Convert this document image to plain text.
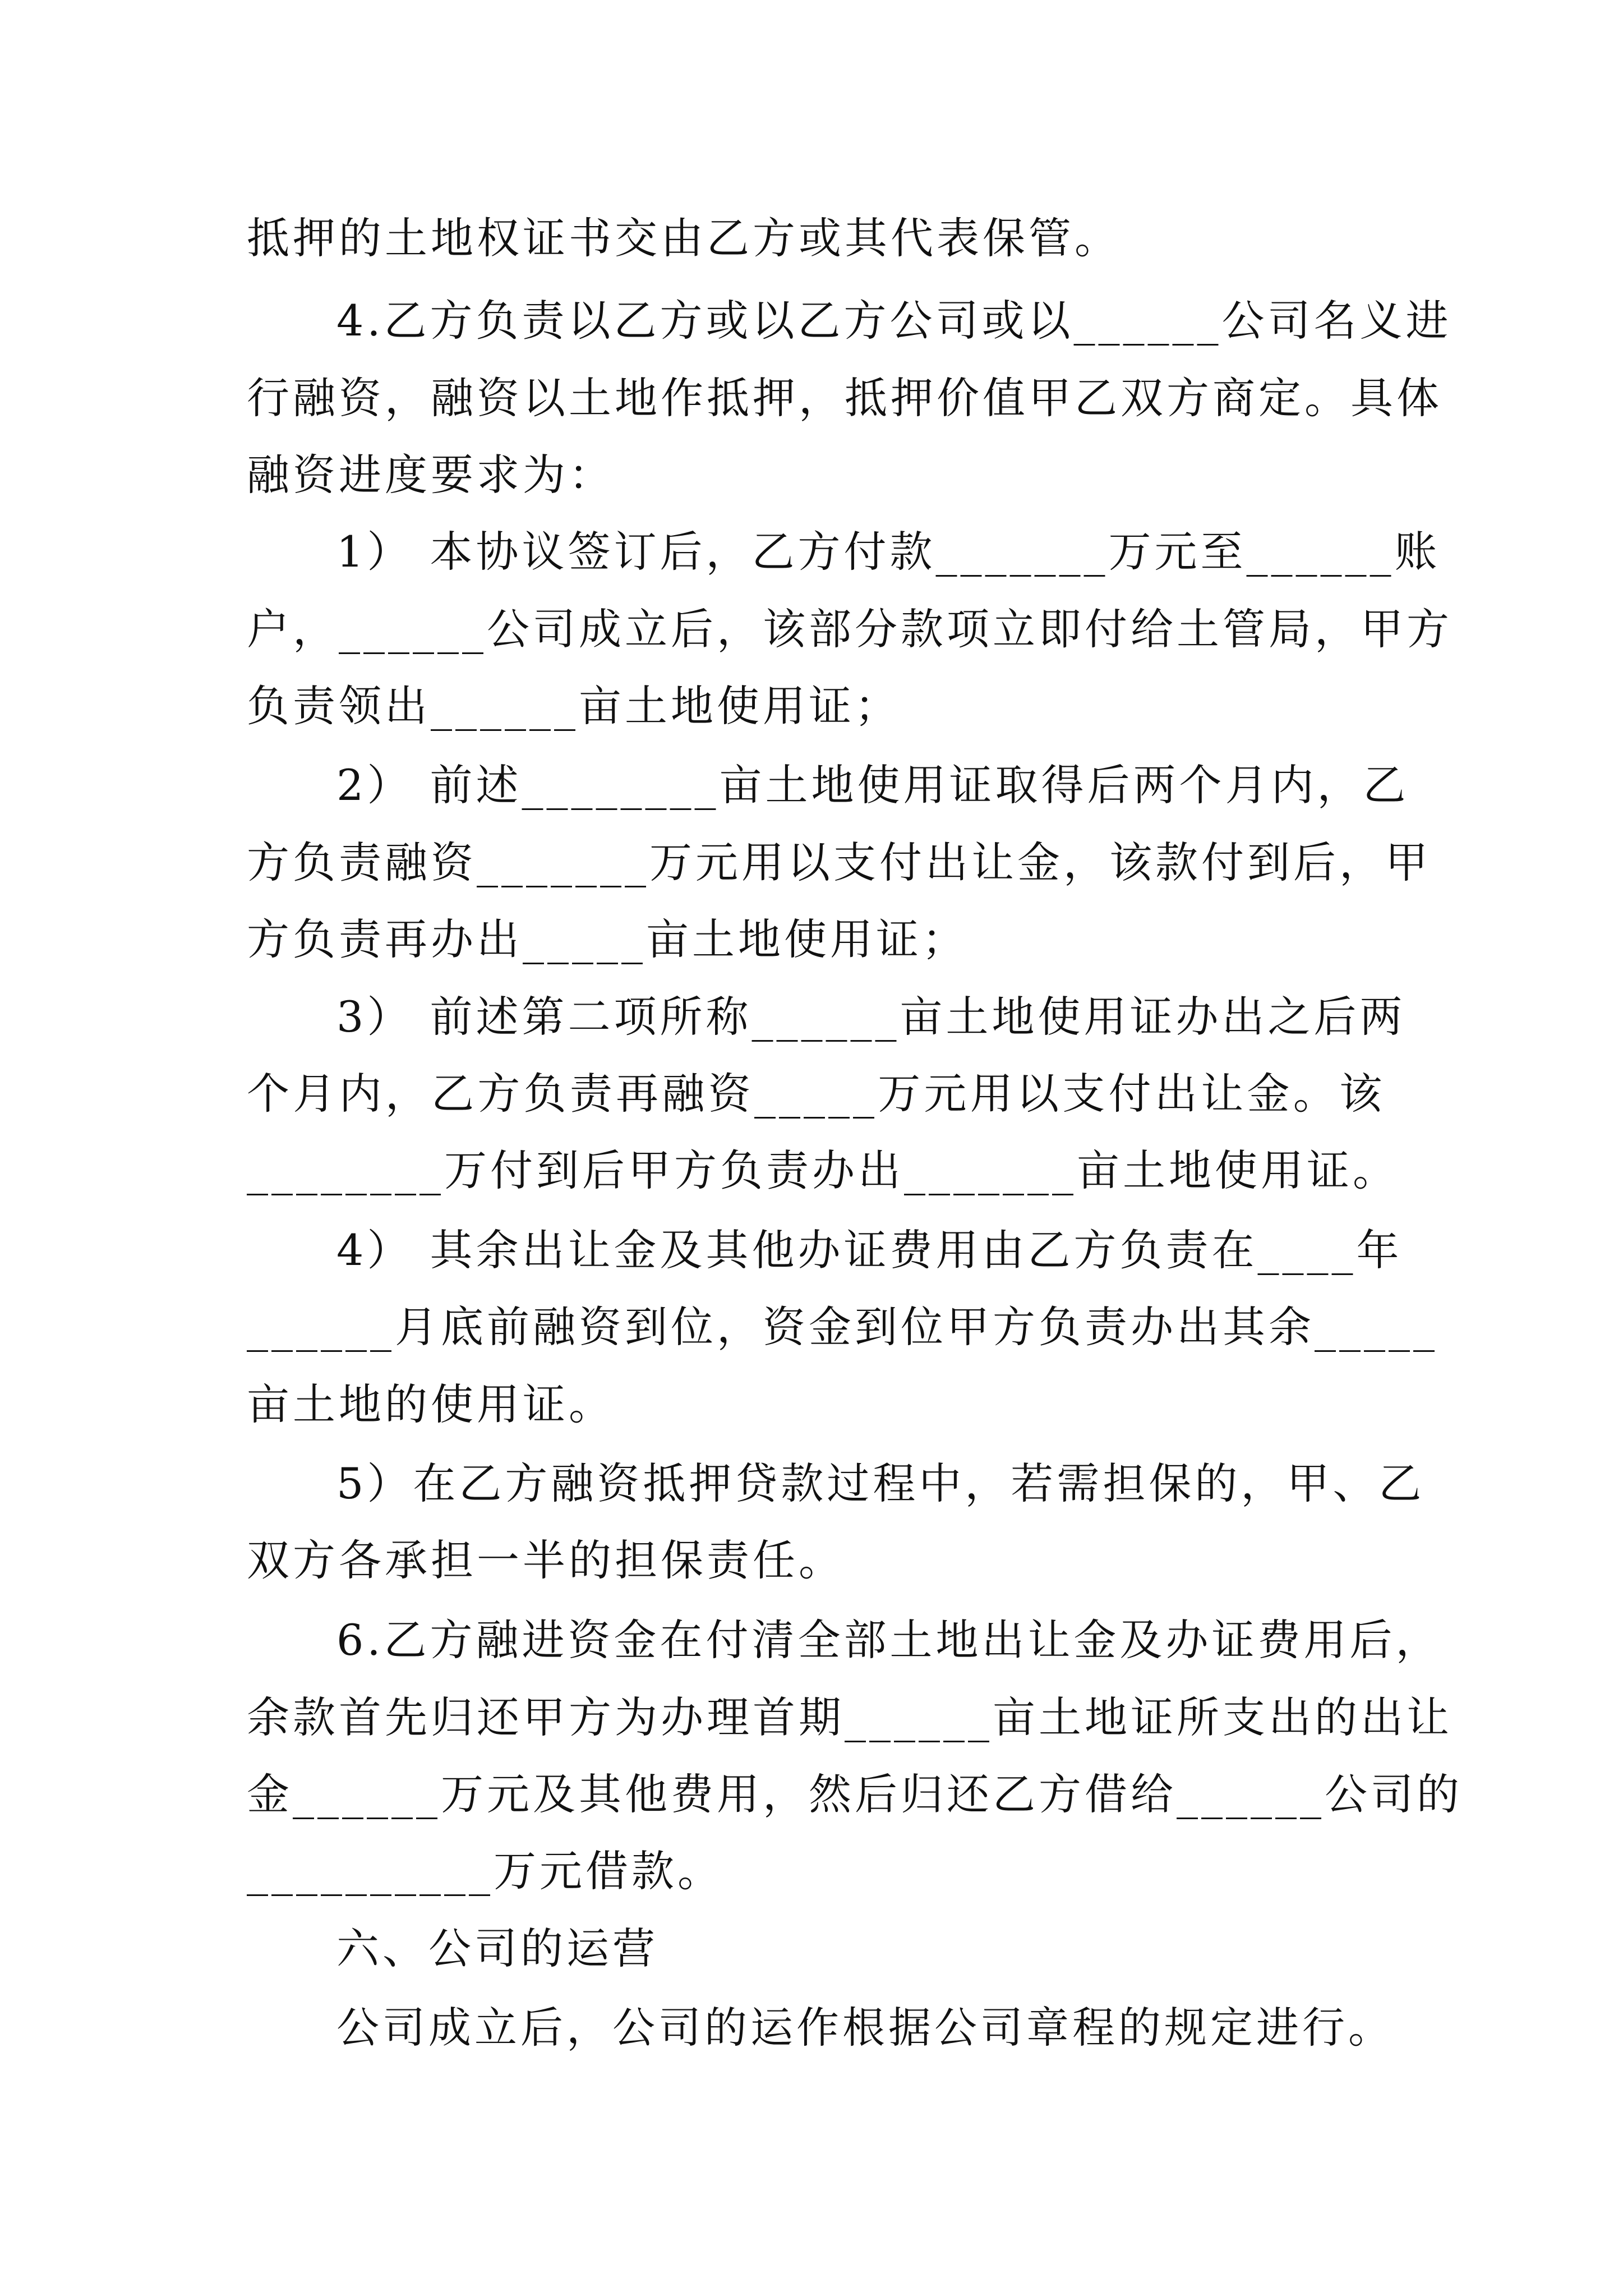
抵押的土地权证书交由乙方或其代表保管。
4.乙方负责以乙方或以乙方公司或以______公司名义进
行融资，融资以土地作抵押，抵押价值甲乙双方商定。具体
融资进度要求为：
1） 本协议签订后，乙方付款_______万元至______账
户，______公司成立后，该部分款项立即付给土管局，甲方
负责领出______亩土地使用证；
2） 前述________亩土地使用证取得后两个月内，乙
方负责融资_______万元用以支付出让金，该款付到后，甲
方负责再办出_____亩土地使用证；
3） 前述第二项所称______亩土地使用证办出之后两
个月内，乙方负责再融资_____万元用以支付出让金。该
________万付到后甲方负责办出_______亩土地使用证。
4） 其余出让金及其他办证费用由乙方负责在____年
______月底前融资到位，资金到位甲方负责办出其余_____
亩土地的使用证。
5）在乙方融资抵押贷款过程中，若需担保的，甲、乙
双方各承担一半的担保责任。
6.乙方融进资金在付清全部土地出让金及办证费用后，
余款首先归还甲方为办理首期______亩土地证所支出的出让
金______万元及其他费用，然后归还乙方借给______公司的
__________万元借款。
六、公司的运营
公司成立后，公司的运作根据公司章程的规定进行。
